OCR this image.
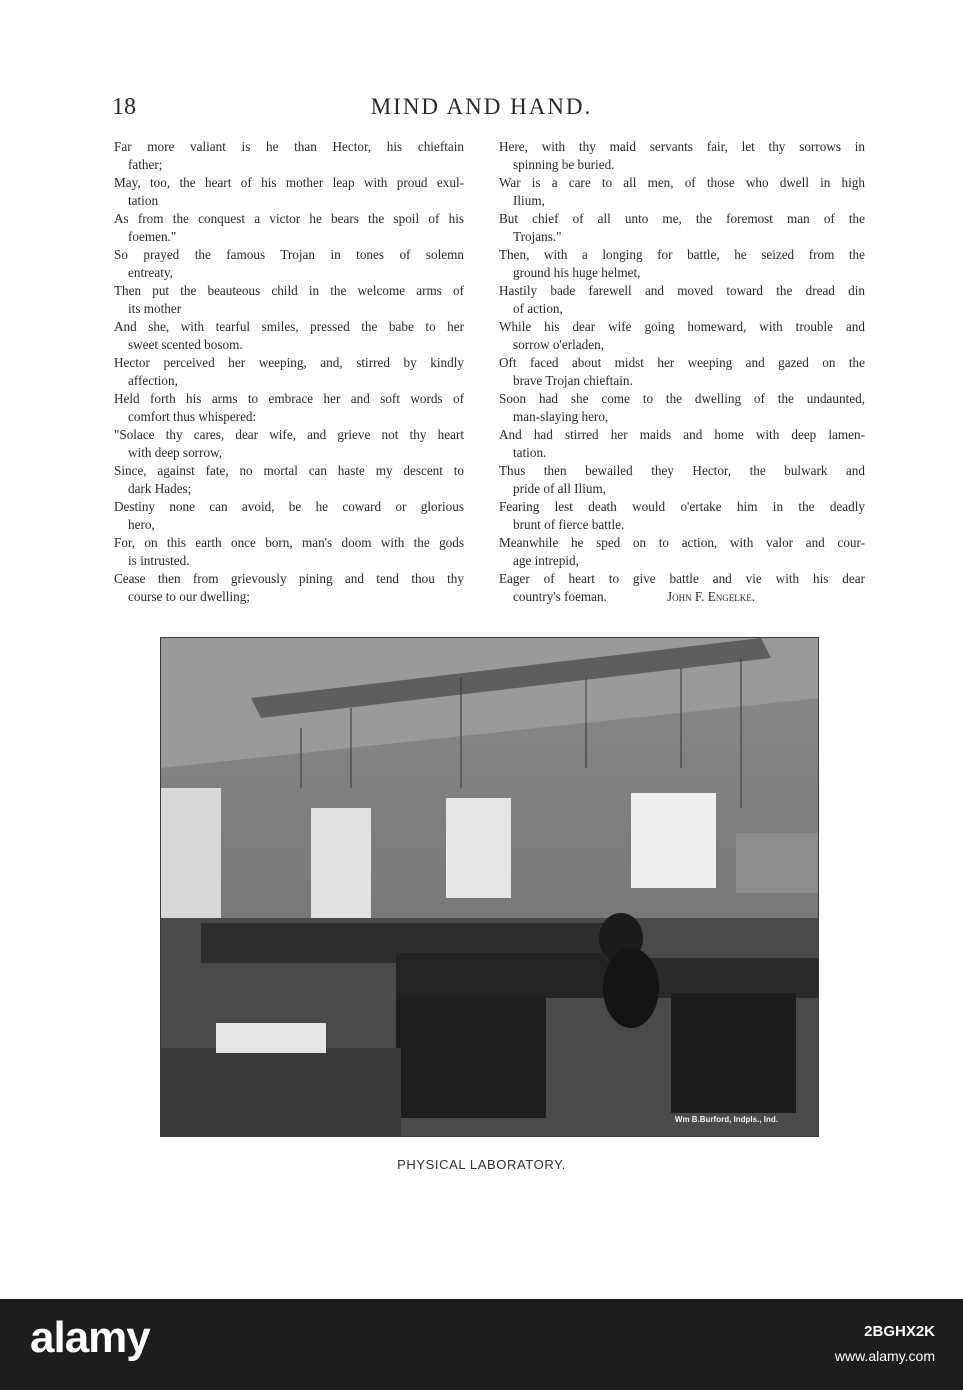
18	MIND AND HAND.
Far more valiant is he than Hector, his chieftain
father;
May, too, the heart of his mother leap with proud exul-
tation
As from the conquest a victor he bears the spoil of his
foemen."
So prayed the famous Trojan in tones of solemn
entreaty,
Then put the beauteous child in the welcome arms of
its mother
And she, with tearful smiles, pressed the babe to her
sweet scented bosom.
Hector perceived her weeping, and, stirred by kindly
affection,
Held forth his arms to embrace her and soft words of
comfort thus whispered:
"Solace thy cares, dear wife, and grieve not thy heart
with deep sorrow,
Since, against fate, no mortal can haste my descent to
dark Hades;
Destiny none can avoid, be he coward or glorious
hero,
For, on this earth once born, man's doom with the gods
is intrusted.
Cease then from grievously pining and tend thou thy
course to our dwelling;
Here, with thy maid servants fair, let thy sorrows in
spinning be buried.
War is a care to all men, of those who dwell in high
Ilium,
But chief of all unto me, the foremost man of the
Trojans."
Then, with a longing for battle, he seized from the
ground his huge helmet,
Hastily bade farewell and moved toward the dread din
of action,
While his dear wife going homeward, with trouble and
sorrow o'erladen,
Oft faced about midst her weeping and gazed on the
brave Trojan chieftain.
Soon had she come to the dwelling of the undaunted,
man-slaying hero,
And had stirred her maids and home with deep lamen-
tation.
Thus then bewailed they Hector, the bulwark and
pride of all Ilium,
Fearing lest death would o'ertake him in the deadly
brunt of fierce battle.
Meanwhile he sped on to action, with valor and cour-
age intrepid,
Eager of heart to give battle and vie with his dear
country's foeman.	John F. Engelke.
Wm B.Burford, Indpls., Ind.
PHYSICAL LABORATORY.
alamy	2BGHX2K
www.alamy.com
